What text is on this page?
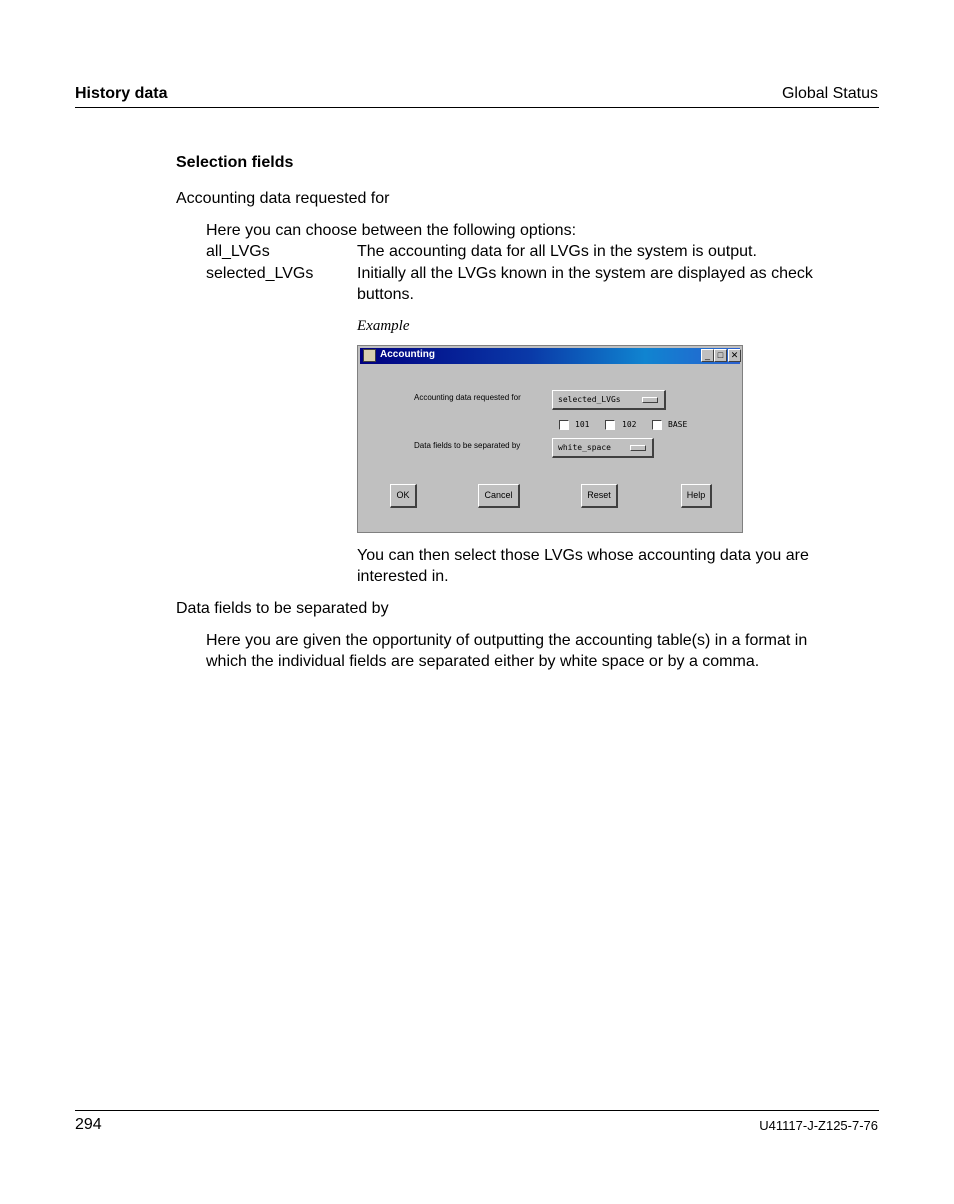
History data	Global Status
Selection fields
Accounting data requested for
Here you can choose between the following options:
all_LVGs	The accounting data for all LVGs in the system is output.
selected_LVGs	Initially all the LVGs known in the system are displayed as check
buttons.
Example
Accounting	_ □ ✕
Accounting data requested for	selected_LVGs
101	102	BASE
Data fields to be separated by	white_space
OK	Cancel	Reset	Help
You can then select those LVGs whose accounting data you are
interested in.
Data fields to be separated by
Here you are given the opportunity of outputting the accounting table(s) in a format in
which the individual fields are separated either by white space or by a comma.
294	U41117-J-Z125-7-76
